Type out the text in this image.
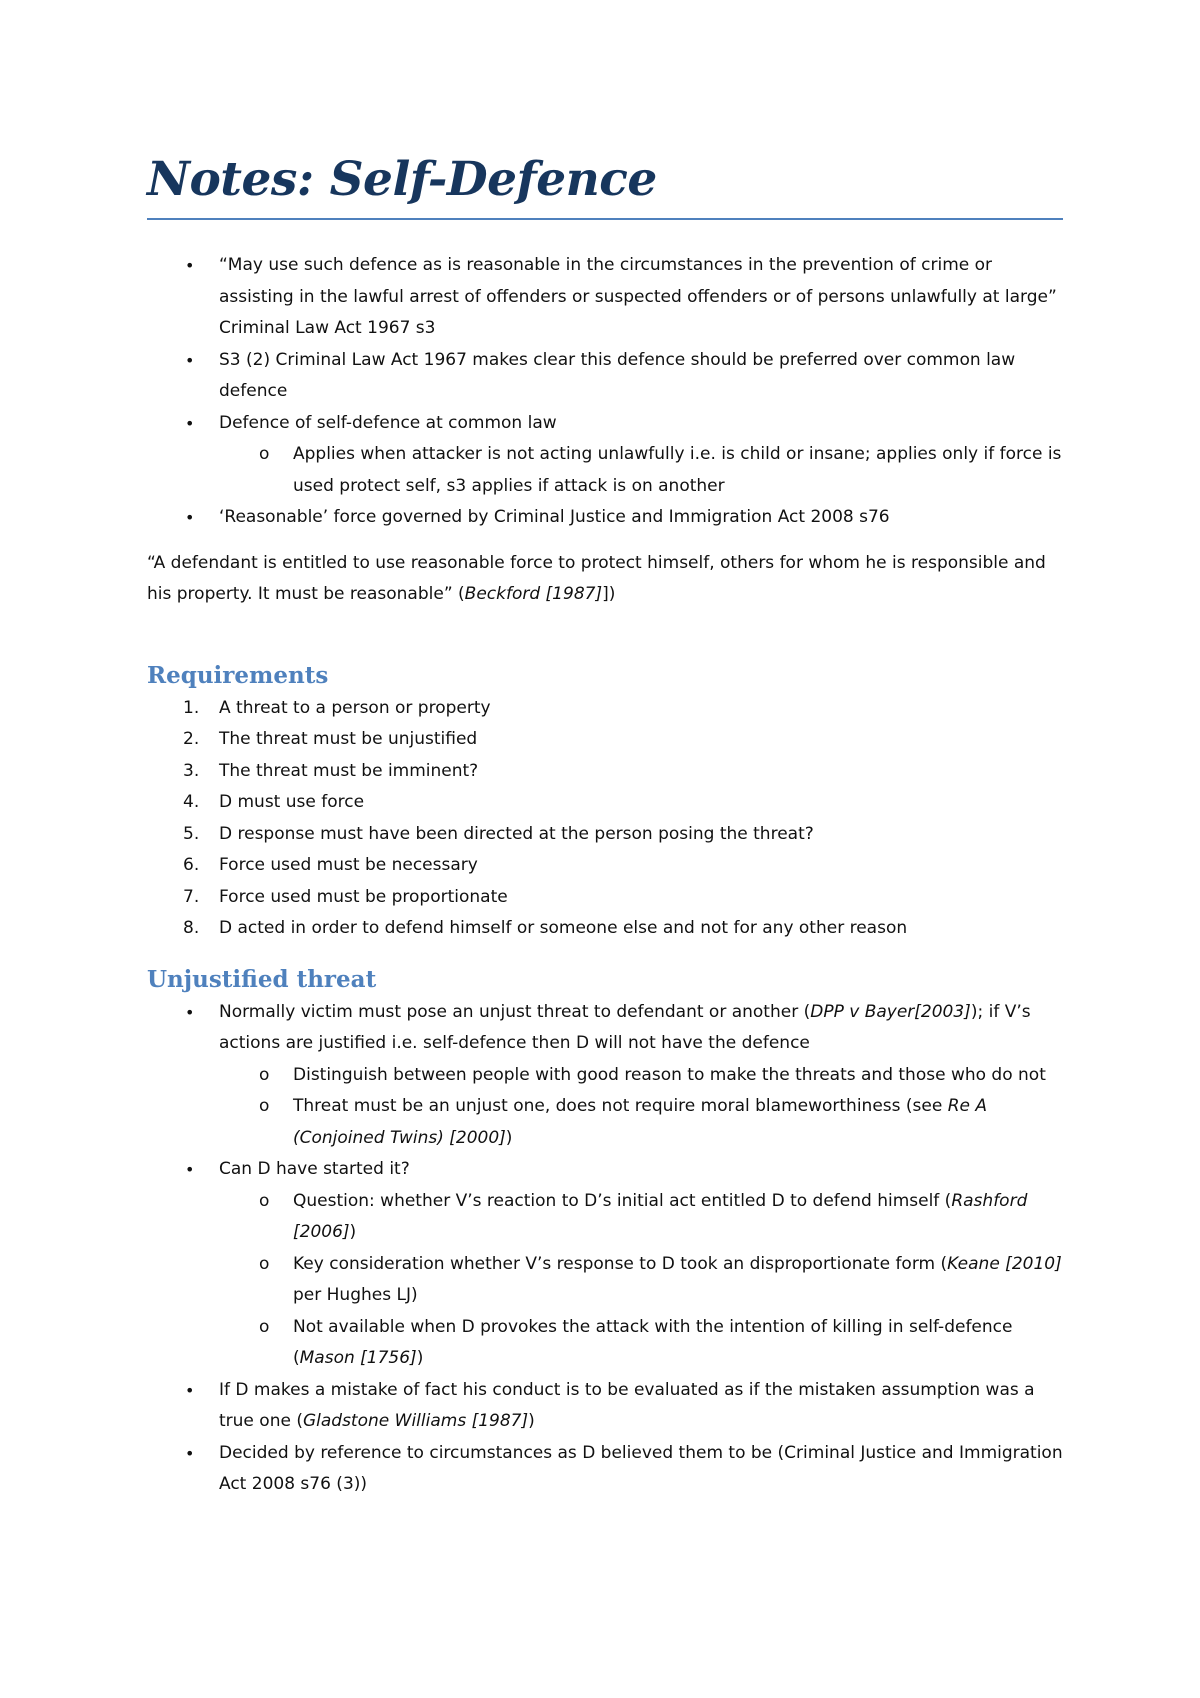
Notes: Self-Defence
• “May use such defence as is reasonable in the circumstances in the prevention of crime or assisting in the lawful arrest of offenders or suspected offenders or of persons unlawfully at large” Criminal Law Act 1967 s3
• S3 (2) Criminal Law Act 1967 makes clear this defence should be preferred over common law defence
• Defence of self-defence at common law
o Applies when attacker is not acting unlawfully i.e. is child or insane; applies only if force is used protect self, s3 applies if attack is on another
• ‘Reasonable’ force governed by Criminal Justice and Immigration Act 2008 s76

“A defendant is entitled to use reasonable force to protect himself, others for whom he is responsible and his property. It must be reasonable” (Beckford [1987]])

Requirements
1. A threat to a person or property
2. The threat must be unjustified
3. The threat must be imminent?
4. D must use force
5. D response must have been directed at the person posing the threat?
6. Force used must be necessary
7. Force used must be proportionate
8. D acted in order to defend himself or someone else and not for any other reason
Unjustified threat
• Normally victim must pose an unjust threat to defendant or another (DPP v Bayer[2003]); if V’s actions are justified i.e. self-defence then D will not have the defence
o Distinguish between people with good reason to make the threats and those who do not
o Threat must be an unjust one, does not require moral blameworthiness (see Re A (Conjoined Twins) [2000])
• Can D have started it?
o Question: whether V’s reaction to D’s initial act entitled D to defend himself (Rashford [2006])
o Key consideration whether V’s response to D took an disproportionate form (Keane [2010] per Hughes LJ)
o Not available when D provokes the attack with the intention of killing in self-defence (Mason [1756])
• If D makes a mistake of fact his conduct is to be evaluated as if the mistaken assumption was a true one (Gladstone Williams [1987])
• Decided by reference to circumstances as D believed them to be (Criminal Justice and Immigration Act 2008 s76 (3))
